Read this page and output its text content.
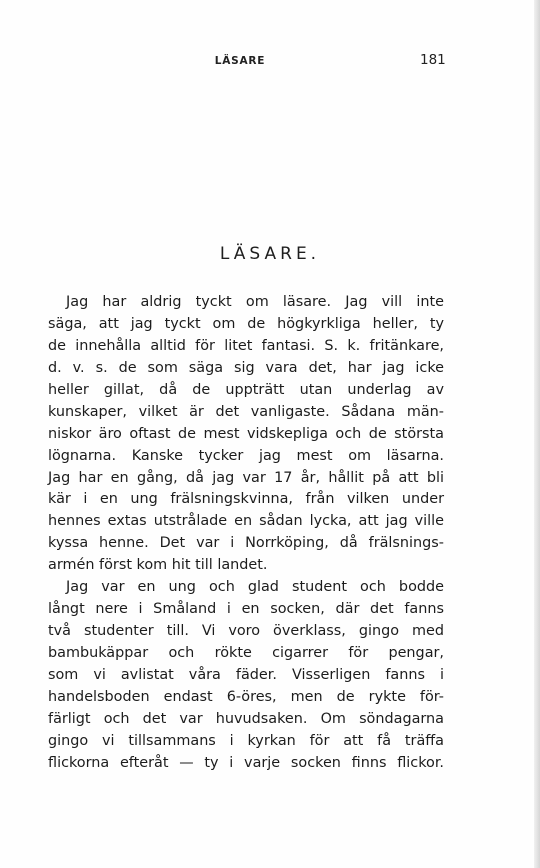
LÄSARE	181
LÄSARE.
Jag har aldrig tyckt om läsare. Jag vill inte
säga, att jag tyckt om de högkyrkliga heller, ty
de innehålla alltid för litet fantasi. S. k. fritänkare,
d. v. s. de som säga sig vara det, har jag icke
heller gillat, då de uppträtt utan underlag av
kunskaper, vilket är det vanligaste. Sådana män-
niskor äro oftast de mest vidskepliga och de största
lögnarna. Kanske tycker jag mest om läsarna.
Jag har en gång, då jag var 17 år, hållit på att bli
kär i en ung frälsningskvinna, från vilken under
hennes extas utstrålade en sådan lycka, att jag ville
kyssa henne. Det var i Norrköping, då frälsnings-
armén först kom hit till landet.
Jag var en ung och glad student och bodde
långt nere i Småland i en socken, där det fanns
två studenter till. Vi voro överklass, gingo med
bambukäppar och rökte cigarrer för pengar,
som vi avlistat våra fäder. Visserligen fanns i
handelsboden endast 6-öres, men de rykte för-
färligt och det var huvudsaken. Om söndagarna
gingo vi tillsammans i kyrkan för att få träffa
flickorna efteråt — ty i varje socken finns flickor.
